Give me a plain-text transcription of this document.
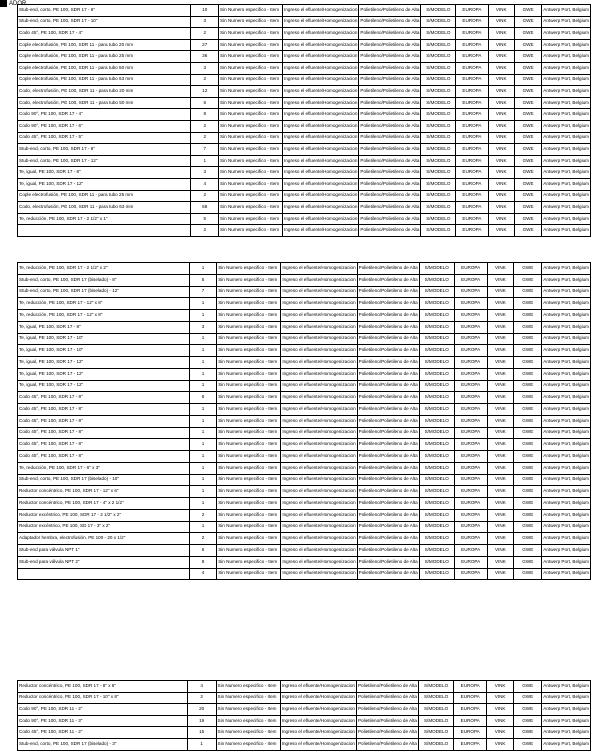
ADOR
Stub-end, corto, PE 100, SDR 17 - 6"	10	Sin Numero especifico - Item	Ingreso el efluente/Homogenizacion	Polietileno/Polietileno de Alta	S/MODELO	EUROPA	VINK	GWE	Antwerp Port, Belgium
Stub-end, corto, PE 100, SDR 17 - 10"	3	Sin Numero especifico - Item	Ingreso el efluente/Homogenizacion	Polietileno/Polietileno de Alta	S/MODELO	EUROPA	VINK	GWE	Antwerp Port, Belgium
Codo 45°, PE 100, SDR 17 - 4"	2	Sin Numero especifico - Item	Ingreso el efluente/Homogenizacion	Polietileno/Polietileno de Alta	S/MODELO	EUROPA	VINK	GWE	Antwerp Port, Belgium
Cople electrofusión, PE 100, SDR 11 - para tubo 20 mm	27	Sin Numero especifico - Item	Ingreso el efluente/Homogenizacion	Polietileno/Polietileno de Alta	S/MODELO	EUROPA	VINK	GWE	Antwerp Port, Belgium
Cople electrofusión, PE 100, SDR 11 - para tubo 25 mm	36	Sin Numero especifico - Item	Ingreso el efluente/Homogenizacion	Polietileno/Polietileno de Alta	S/MODELO	EUROPA	VINK	GWE	Antwerp Port, Belgium
Cople electrofusión, PE 100, SDR 11 - para tubo 50 mm	3	Sin Numero especifico - Item	Ingreso el efluente/Homogenizacion	Polietileno/Polietileno de Alta	S/MODELO	EUROPA	VINK	GWE	Antwerp Port, Belgium
Cople electrofusión, PE 100, SDR 11 - para tubo 63 mm	2	Sin Numero especifico - Item	Ingreso el efluente/Homogenizacion	Polietileno/Polietileno de Alta	S/MODELO	EUROPA	VINK	GWE	Antwerp Port, Belgium
Codo, electrofusión, PE 100, SDR 11 - para tubo 20 mm	12	Sin Numero especifico - Item	Ingreso el efluente/Homogenizacion	Polietileno/Polietileno de Alta	S/MODELO	EUROPA	VINK	GWE	Antwerp Port, Belgium
Codo, electrofusión, PE 100, SDR 11 - para tubo 50 mm	6	Sin Numero especifico - Item	Ingreso el efluente/Homogenizacion	Polietileno/Polietileno de Alta	S/MODELO	EUROPA	VINK	GWE	Antwerp Port, Belgium
Codo 90°, PE 100, SDR 17 - 4"	8	Sin Numero especifico - Item	Ingreso el efluente/Homogenizacion	Polietileno/Polietileno de Alta	S/MODELO	EUROPA	VINK	GWE	Antwerp Port, Belgium
Codo 90°, PE 100, SDR 17 - 6"	2	Sin Numero especifico - Item	Ingreso el efluente/Homogenizacion	Polietileno/Polietileno de Alta	S/MODELO	EUROPA	VINK	GWE	Antwerp Port, Belgium
Codo 45°, PE 100, SDR 17 - 5"	2	Sin Numero especifico - Item	Ingreso el efluente/Homogenizacion	Polietileno/Polietileno de Alta	S/MODELO	EUROPA	VINK	GWE	Antwerp Port, Belgium
Stub-end, corto, PE 100, SDR 17 - 8"	7	Sin Numero especifico - Item	Ingreso el efluente/Homogenizacion	Polietileno/Polietileno de Alta	S/MODELO	EUROPA	VINK	GWE	Antwerp Port, Belgium
Stub-end, corto, PE 100, SDR 17 - 12"	1	Sin Numero especifico - Item	Ingreso el efluente/Homogenizacion	Polietileno/Polietileno de Alta	S/MODELO	EUROPA	VINK	GWE	Antwerp Port, Belgium
Te, igual, PE 100, SDR 17 - 8"	3	Sin Numero especifico - Item	Ingreso el efluente/Homogenizacion	Polietileno/Polietileno de Alta	S/MODELO	EUROPA	VINK	GWE	Antwerp Port, Belgium
Te, igual, PE 100, SDR 17 - 12"	4	Sin Numero especifico - Item	Ingreso el efluente/Homogenizacion	Polietileno/Polietileno de Alta	S/MODELO	EUROPA	VINK	GWE	Antwerp Port, Belgium
Cople electrofusión, PE 100, SDR 11 - para tubo 25 mm	2	Sin Numero especifico - Item	Ingreso el efluente/Homogenizacion	Polietileno/Polietileno de Alta	S/MODELO	EUROPA	VINK	GWE	Antwerp Port, Belgium
Codo, electrofusión, PE 100, SDR 11 - para tubo 63 mm	68	Sin Numero especifico - Item	Ingreso el efluente/Homogenizacion	Polietileno/Polietileno de Alta	S/MODELO	EUROPA	VINK	GWE	Antwerp Port, Belgium
Te, reducción, PE 100, SDR 17 - 2 1/2" x 1"	5	Sin Numero especifico - Item	Ingreso el efluente/Homogenizacion	Polietileno/Polietileno de Alta	S/MODELO	EUROPA	VINK	GWE	Antwerp Port, Belgium
	2	Sin Numero especifico - Item	Ingreso el efluente/Homogenizacion	Polietileno/Polietileno de Alta	S/MODELO	EUROPA	VINK	GWE	Antwerp Port, Belgium
Te, reducción, PE 100, SDR 17 - 2 1/2" x 2"	1	Sin Numero especifico - Item	Ingreso el efluente/Homogenizacion	Polietileno/Polietileno de Alta	S/MODELO	EUROPA	VINK	GWE	Antwerp Port, Belgium
Stub-end, corto, PE 100, SDR 17 (biselado) - 8"	5	Sin Numero especifico - Item	Ingreso el efluente/Homogenizacion	Polietileno/Polietileno de Alta	S/MODELO	EUROPA	VINK	GWE	Antwerp Port, Belgium
Stub-end, corto, PE 100, SDR 17 (biselado) - 12"	7	Sin Numero especifico - Item	Ingreso el efluente/Homogenizacion	Polietileno/Polietileno de Alta	S/MODELO	EUROPA	VINK	GWE	Antwerp Port, Belgium
Te, reducción, PE 100, SDR 17 - 12" x 8"	1	Sin Numero especifico - Item	Ingreso el efluente/Homogenizacion	Polietileno/Polietileno de Alta	S/MODELO	EUROPA	VINK	GWE	Antwerp Port, Belgium
Te, reducción, PE 100, SDR 17 - 12" x 8"	1	Sin Numero especifico - Item	Ingreso el efluente/Homogenizacion	Polietileno/Polietileno de Alta	S/MODELO	EUROPA	VINK	GWE	Antwerp Port, Belgium
Te, igual, PE 100, SDR 17 - 8"	3	Sin Numero especifico - Item	Ingreso el efluente/Homogenizacion	Polietileno/Polietileno de Alta	S/MODELO	EUROPA	VINK	GWE	Antwerp Port, Belgium
Te, igual, PE 100, SDR 17 - 10"	1	Sin Numero especifico - Item	Ingreso el efluente/Homogenizacion	Polietileno/Polietileno de Alta	S/MODELO	EUROPA	VINK	GWE	Antwerp Port, Belgium
Te, igual, PE 100, SDR 17 - 10"	1	Sin Numero especifico - Item	Ingreso el efluente/Homogenizacion	Polietileno/Polietileno de Alta	S/MODELO	EUROPA	VINK	GWE	Antwerp Port, Belgium
Te, igual, PE 100, SDR 17 - 12"	1	Sin Numero especifico - Item	Ingreso el efluente/Homogenizacion	Polietileno/Polietileno de Alta	S/MODELO	EUROPA	VINK	GWE	Antwerp Port, Belgium
Te, igual, PE 100, SDR 17 - 12"	1	Sin Numero especifico - Item	Ingreso el efluente/Homogenizacion	Polietileno/Polietileno de Alta	S/MODELO	EUROPA	VINK	GWE	Antwerp Port, Belgium
Te, igual, PE 100, SDR 17 - 12"	1	Sin Numero especifico - Item	Ingreso el efluente/Homogenizacion	Polietileno/Polietileno de Alta	S/MODELO	EUROPA	VINK	GWE	Antwerp Port, Belgium
Codo 45°, PE 100, SDR 17 - 8"	6	Sin Numero especifico - Item	Ingreso el efluente/Homogenizacion	Polietileno/Polietileno de Alta	S/MODELO	EUROPA	VINK	GWE	Antwerp Port, Belgium
Codo 45°, PE 100, SDR 17 - 8"	1	Sin Numero especifico - Item	Ingreso el efluente/Homogenizacion	Polietileno/Polietileno de Alta	S/MODELO	EUROPA	VINK	GWE	Antwerp Port, Belgium
Codo 45°, PE 100, SDR 17 - 8"	1	Sin Numero especifico - Item	Ingreso el efluente/Homogenizacion	Polietileno/Polietileno de Alta	S/MODELO	EUROPA	VINK	GWE	Antwerp Port, Belgium
Codo 45°, PE 100, SDR 17 - 8"	1	Sin Numero especifico - Item	Ingreso el efluente/Homogenizacion	Polietileno/Polietileno de Alta	S/MODELO	EUROPA	VINK	GWE	Antwerp Port, Belgium
Codo 45°, PE 100, SDR 17 - 8"	1	Sin Numero especifico - Item	Ingreso el efluente/Homogenizacion	Polietileno/Polietileno de Alta	S/MODELO	EUROPA	VINK	GWE	Antwerp Port, Belgium
Codo 45°, PE 100, SDR 17 - 8"	1	Sin Numero especifico - Item	Ingreso el efluente/Homogenizacion	Polietileno/Polietileno de Alta	S/MODELO	EUROPA	VINK	GWE	Antwerp Port, Belgium
Te, reducción, PE 100, SDR 17 - 6" x 3"	1	Sin Numero especifico - Item	Ingreso el efluente/Homogenizacion	Polietileno/Polietileno de Alta	S/MODELO	EUROPA	VINK	GWE	Antwerp Port, Belgium
Stub-end, corto, PE 100, SDR 17 (biselado) - 10"	1	Sin Numero especifico - Item	Ingreso el efluente/Homogenizacion	Polietileno/Polietileno de Alta	S/MODELO	EUROPA	VINK	GWE	Antwerp Port, Belgium
Reductor concéntrico, PE 100, SDR 17 - 12" x 6"	1	Sin Numero especifico - Item	Ingreso el efluente/Homogenizacion	Polietileno/Polietileno de Alta	S/MODELO	EUROPA	VINK	GWE	Antwerp Port, Belgium
Reductor concéntrico, PE 100, SDR 17 - 4" x 2 1/2"	1	Sin Numero especifico - Item	Ingreso el efluente/Homogenizacion	Polietileno/Polietileno de Alta	S/MODELO	EUROPA	VINK	GWE	Antwerp Port, Belgium
Reductor excéntrico, PE 100, SDR 17 - 2 1/2" x 2"	2	Sin Numero especifico - Item	Ingreso el efluente/Homogenizacion	Polietileno/Polietileno de Alta	S/MODELO	EUROPA	VINK	GWE	Antwerp Port, Belgium
Reductor excéntrico, PE 100, SD 17 - 3" x 2"	1	Sin Numero especifico - Item	Ingreso el efluente/Homogenizacion	Polietileno/Polietileno de Alta	S/MODELO	EUROPA	VINK	GWE	Antwerp Port, Belgium
Adaptador hembra, electrofusión, PE 100 - 20 x 1/2"	2	Sin Numero especifico - Item	Ingreso el efluente/Homogenizacion	Polietileno/Polietileno de Alta	S/MODELO	EUROPA	VINK	GWE	Antwerp Port, Belgium
Stub-end para válvula NPT 1"	6	Sin Numero especifico - Item	Ingreso el efluente/Homogenizacion	Polietileno/Polietileno de Alta	S/MODELO	EUROPA	VINK	GWE	Antwerp Port, Belgium
Stub-end para válvula NPT 2"	8	Sin Numero especifico - Item	Ingreso el efluente/Homogenizacion	Polietileno/Polietileno de Alta	S/MODELO	EUROPA	VINK	GWE	Antwerp Port, Belgium
	4	Sin Numero especifico - Item	Ingreso el efluente/Homogenizacion	Polietileno/Polietileno de Alta	S/MODELO	EUROPA	VINK	GWE	Antwerp Port, Belgium
Reductor concéntrico, PE 100, SDR 17 - 8" x 6"	4	Sin Numero especifico - Item	Ingreso el efluente/Homogenizacion	Polietileno/Polietileno de Alta	S/MODELO	EUROPA	VINK	GWE	Antwerp Port, Belgium
Reductor concéntrico, PE 100, SDR 17 - 10" x 8"	2	Sin Numero especifico - Item	Ingreso el efluente/Homogenizacion	Polietileno/Polietileno de Alta	S/MODELO	EUROPA	VINK	GWE	Antwerp Port, Belgium
Codo 90°, PE 100, SDR 11 - 2"	20	Sin Numero especifico - Item	Ingreso el efluente/Homogenizacion	Polietileno/Polietileno de Alta	S/MODELO	EUROPA	VINK	GWE	Antwerp Port, Belgium
Codo 90°, PE 100, SDR 11 - 3"	19	Sin Numero especifico - Item	Ingreso el efluente/Homogenizacion	Polietileno/Polietileno de Alta	S/MODELO	EUROPA	VINK	GWE	Antwerp Port, Belgium
Codo 45°, PE 100, SDR 11 - 2"	15	Sin Numero especifico - Item	Ingreso el efluente/Homogenizacion	Polietileno/Polietileno de Alta	S/MODELO	EUROPA	VINK	GWE	Antwerp Port, Belgium
Stub-end, corto, PE 100, SDR 17 (biselado) - 3"	1	Sin Numero especifico - Item	Ingreso el efluente/Homogenizacion	Polietileno/Polietileno de Alta	S/MODELO	EUROPA	VINK	GWE	Antwerp Port, Belgium
